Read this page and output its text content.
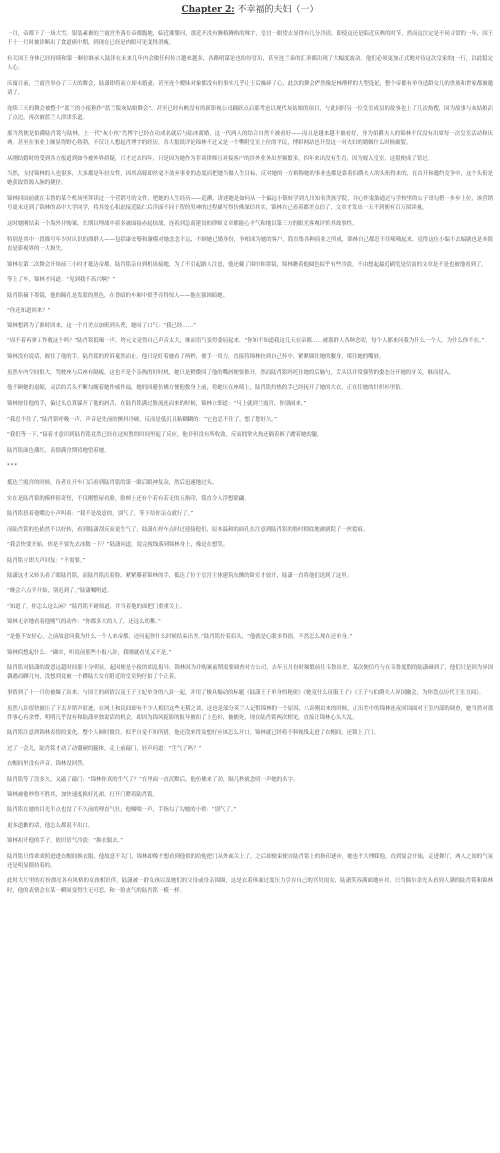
Chapter 2: 不幸福的夫妇（一）

一月，帝都下了一场大雪。银装素裹的兰霞宫坐落在帝都腹地，临近灌婴河，那近开没有腾格腾格的殊宇，皇宫一眼望去显得有几分冷清，即使这还是临近庆典的时节，然而这注定是不同寻常的一年，国王于十一月时被诊断出了食道癌中期，到现在已经是肉眼可见变得消瘦。

有关国王身体已经持续和第一顺位继承人陆泽在未来几年内会做任何传言越来越多，各路明谋论也纷纷冒出，甚至连兰泰的汇率都出现了大幅度波动。他们必须更加正式地对待这次皇家的[一行，以此稳定人心。

庆寓日前，兰霞宫举办了三天的舞会，陆潇即将而立却未婚妻，甚至连个暧昧对象都没有的事实几乎让王后操碎了心，此次的舞会俨然像是林彻样的大型选妃，整个帝都有单身适龄女儿的贵族和世家都被邀请了。

连续三天的舞会被整个“蓝兰的小报称作“蓝兰版灰姑娘舞会”，甚至已经有帆没有的新影视公司踊跃点启那考虑以现代灰姑娘的项目，与此同时另一位皇室成员的故事也上了几次热搜，因为故事与灰姑娘沾了点边，再次被蓝兰人津津乐道。

那当然便是伯爵陆肖铭与陆林，上一代“灰小伙”肖博宇已经在功成名就后与陆冰离婚，这一代两人的结合自然不被看好——而且是越来越不被看好，身为伯爵夫人的锦林不仅没有出席每一次皇室活动和庆典，甚至在事业上颇显得野心勃勃，不仅让人想起肖博宇的经历，各大报纸评论锦林不过又是一个攀附皇室上位的平民，博彩网站也开盘这一对夫妇的婚姻什么时候破裂。

从刚结婚时的受到各方报道到如今被外界质疑，只才过去四年，只是因为她作为非谈律师且对接客户的涉外业务出差频繁多，四年来出没有生育，因为嫁入皇室，这很便成了罪过。

当然，支持锦林的人也很多，大多都是年轻女性，因其高嫁却丝毫不放弃事业的态度而把她当做人生目标，反对她的一方则称她的事业也都是靠着伯爵夫人的头衔得来的，在首开和邀约竞争中，这个头衔是她获取资源入脉的捷径。

锦林回国前就在韦鲁的某个机场里拜读过一个营销号的文件，把她的人生经历——追溯，讲述她是如何从一个偏远小镇转学到九川知名贵族学院，并心怀鬼胎通过与学校里的公子哥勾搭一步步上位，该营销号更末还到了锦林的高中大学同学，将其处心积虑接近陆仁后洋面不同于智的男神的过程描写得仿佛深信其实，锦林自己看着都差点信了，文章才发出一天不到便有百万阅读量。

这时她刚结束一个海外并购案，长期以埋战中着多被面接赤起掠战，连着到急南建设的律师文章都能心平气和地以第三方的眼光客观评价其故事性。

特别是其中一段描写年少时认识的漂群人——包括康安娶和谢模对她念念不忘，不顾她已婚身份，争相成为她的客户，简直集各种商业之所成，锦林自己都忍不住啧啧起来，觉得这位小编不去编剧也是本简直是影视界的一大损失。

锦林在第二次舞会开场前三小时才抵达帝都，陆肖铭亲自到机场接她，为了不引起路人注意，他还戴了围巾和墨镜，锦林瞧着他圆色拟乎有些冷淡，不由想起最近刷览是信南的文章是不是也被他看到了。

等上了车，锦林才问道：“见到我不高兴啊？”

陆肖铭摘下墨镜，他的瞳孔是发蓝的黑色，在昏暗的车厢中似乎亮得惊人——他在强困暗她。

“你还知道回来？”

锦林想到为了准时回来，这一个月差点加班到头秃，她叹了口气：“我已经……”

“周不着再拿工作救这个吗？”陆肖铭低喝一声，垮元文觉得自己声音太大，继而语气变得委屈起来，“你知不知道我这几天在帝都……被那群人各种念叨，每个人都来问我为什么一个人，为什么你不在。”

锦林没有说话，握住了他的手，陆肖铭的控诉戛然而止，他只是盯着她看了两秒，便手一用力，直接将锦林拉到自己怀中，紧紧圈住她的腰身，堵住她的嘴唇。

虽然车内空间很大，驾驶座与后座有隔板，这也不是个亲热的好时机，她只是稍微回了他的嘴唇便要推开，然而陆肖铭吗托住她的后脑勺，舌头以并常强势的姿态分开她的牙关，继而侵入。

他不顾她的退缩，灵活的舌头不断勾缠着她作威作福，她的回避仿佛方便他数身上前，将她压在座椅上，陆肖铭灼热的手已经抚开了她的大衣，正在往她的针织衫里钻。

锦林按住他的手，偏过头总算躲开了他的唇舌，在陆肖铭满过脸流连而来的时候，锦林立即道：“马上就到兰霞宫，你别闹来。”

“我忍不住了，”陆肖铭呼吸一声，声音是先前的颤抖冷硬，反而是低沉且粘糊糊的：“它也忍不住了，想了您好久。”

“我们等一下，”接着才意识到陆肖铭竟然已经在这短暂的时间里起了反应，他非但没有所收敛，反而拥掌火热还隔着裤子蹭着她的腿。

陆肖铭面色潮红，表情满含期待地望着她。

***

抵达兰霞宫的时候，待者在开车门后看到陆肖铭的第一眼后眼神复杂，然后迅速地过头。

实在是陆肖铭的模样很奇怪，不仅刚整屋看脸，脸颊上还有个若有若无的五指印，简直令人浮想联翩。

陆肖铭扭着他嘴边小声叫着：“我不是故意的，别气了，等下给你亲点就行了。”

而陆肖铭的色依然不以好转，看到陆潇刮反而更生气了，陆潇在停车点时过迎接他们，原本温和的面孔在注意到陆肖铭的脸时彻底地被剧院了一丝裂痕。

“我会快要开始，你是不要先去冰数一下？”陆潇问道，说完视线落到锦林身上，像是在想笑。

陆肖铭立即大声回复：“不需要。”

陆潇这才又转头看了眼陆肖铭，而陆肖铭沉着脸，紧紧攥着锦林的手，抵达了位于皇宫主体建筑东侧的卧室才放开，陆潇一直将他们送到了这里。

“晚会六点半开始，别迟到了。”陆潇嘱咐道。

“知道了，你怎么这么闲？”陆肖铭不耐烦道，并当着他的面把门重重关上。

锦林无奈地看着他赌气的动作：“你都多大的人了，还这么幼稚。”

“是他不安好心，之前故意问我为什么一个人来帝都，还问起你什么时候结束出差。”陆肖铭拧着眉头，“他就是心眼多得很，不然怎么现在还单身。”

锦林似想起什么：“确实，听说前那些小报八卦，我刚就看见又不是。”

陆肖铭对陆潇的敌意远超时间那十分明显，起因便是小报的胡乱报导，锦林因为并购案前期需要调查对方公司，去年五月份时频繁前往韦鲁出差，某次便信巧与在韦鲁度假的陆潇碰到了，他们只是因为异国偶遇而聊几句，没想到竟被一个蹲陆大女在附近的皇室狗仔拍了个正着。

事情到了十一月份被爆了出来，与国王的病情以及王子王妃单身的八卦一起，并用了极具煽动的标题《陆潇王子单身的秘密》《她竟什么征服王子》《王子与伯爵夫人异国幽会，为你盘点历代王室丑闻》。

虽然八卦很快被压了下去并销声匿迹，在网上和民间却有不少人相信这些无稽之谈，这也是部分英兰人记恨锦林的一个原因，八卦刚出来的时候，正出差中的锦林连夜回国面对王室内部的调查，她当然对那件事心有余悸，明明几乎没有和陆潇单独说话的机会，却因为锦风捉影的报导被扣了上色衫，被捕死，现在陆肖铭两次相见，直接让锦林心头大乱。

陆肖铭注意到锦林表情的变化，整个人顿时僵住，似乎自觉不知所措，他还没来得及想好应该怎么开口，锦林就已经将不料视线走进了衣帽间，还锁上了门。

过了一会儿，陆肖铭才动了动僵硬的腿体，走上前敲门，轻声问道：“生气了吗？”

衣帽间里没有声音，锦林没回答。

陆肖铭等了没多久，又敲了敲门：“锦林你真的生气了？”在里面一直沉默后，他仿佛来了劲，隔几秒就念叨一声她的名字。

锦林被他吵得不胜其，加快速度换好礼裙，打开门瞪着陆肖铭。

陆肖铭在她的目光半点也没了不久前的理直气壮，他嗫嚅一声，手指勾了勾她的小臂：“别气了。”

更多道歉的话，他怎么都说不出口。

锦林扣开他的手子，依旧语气冷淡：“换衣服去。”

陆肖铭只得乖乖照进进衣帽间换衣服，他故意不关门，锦林却像不想看到他似的给他把门从外面关上了。之后却便束便自陆肖铭上的指印逐步，她也不大理睬他，直到宴会开始，走进舞厅，两人之间的气氛还是明显僵持着的。

此时大厅里的打扮漂亮各有风格的女孩相识伴，陆潇被一群女孩以及她们的父母或母亲围圈，这是衣着体面过度压力引存自己的宫贝闺女，陆潇笑容满面地应对，只当偶尔余光头看到人满的陆肖铭和锦林时，他的表情会在某一瞬间变得生无可恋，和一脸丧气的陆肖铭一模一样。
